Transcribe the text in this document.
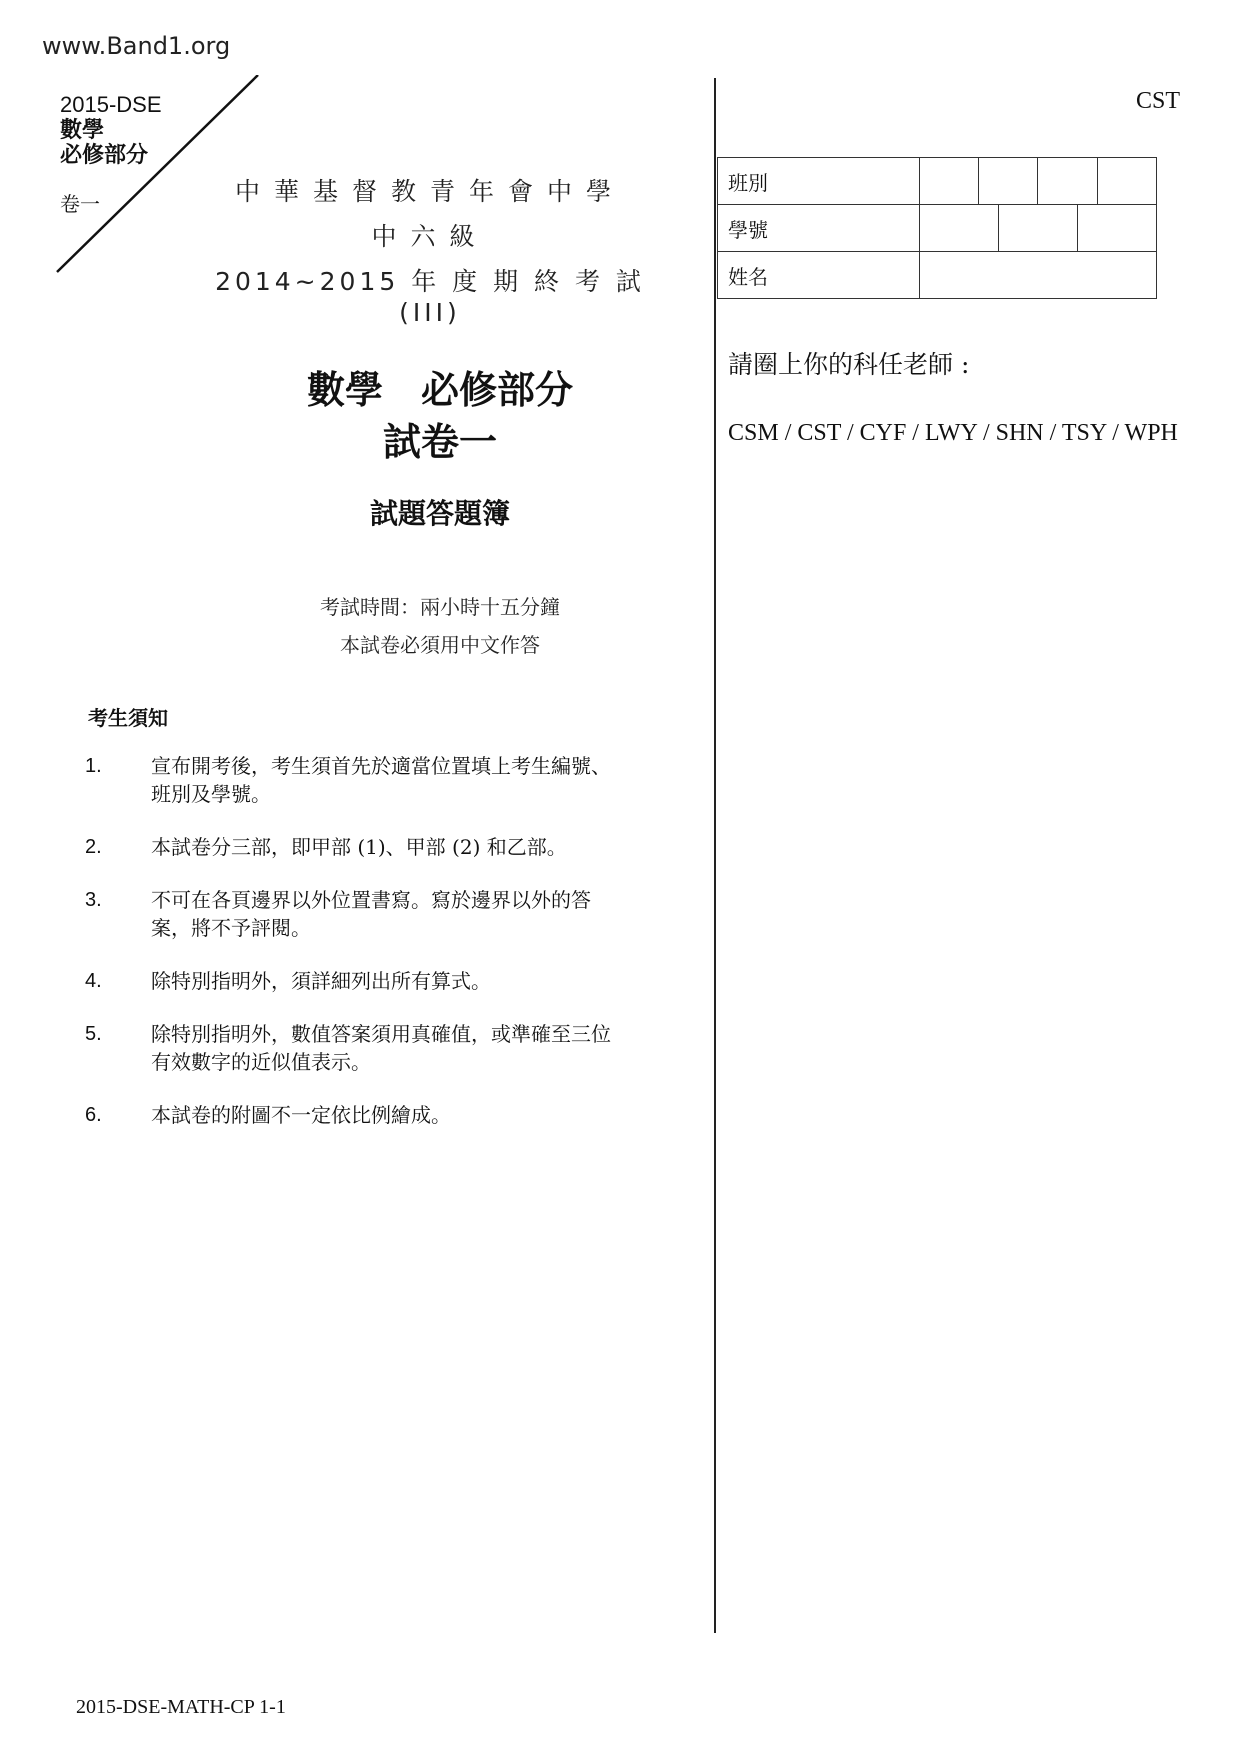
www.Band1.org
2015-DSE
數學
必修部分
卷一	中華基督教青年會中學
中六級
2014~2015 年 度 期 終 考 試 (III)
數學　必修部分
試卷一
試題答題簿
考試時間：兩小時十五分鐘
本試卷必須用中文作答
考生須知
1.	宣布開考後，考生須首先於適當位置填上考生編號、班別及學號。
2.	本試卷分三部，即甲部 (1)、甲部 (2) 和乙部。
3.	不可在各頁邊界以外位置書寫。寫於邊界以外的答案，將不予評閱。
4.	除特別指明外，須詳細列出所有算式。
5.	除特別指明外，數值答案須用真確值，或準確至三位有效數字的近似值表示。
6.	本試卷的附圖不一定依比例繪成。
CST
班別				
學號				

姓名				
請圈上你的科任老師 :
CSM / CST / CYF / LWY / SHN / TSY / WPH
2015-DSE-MATH-CP 1-1
